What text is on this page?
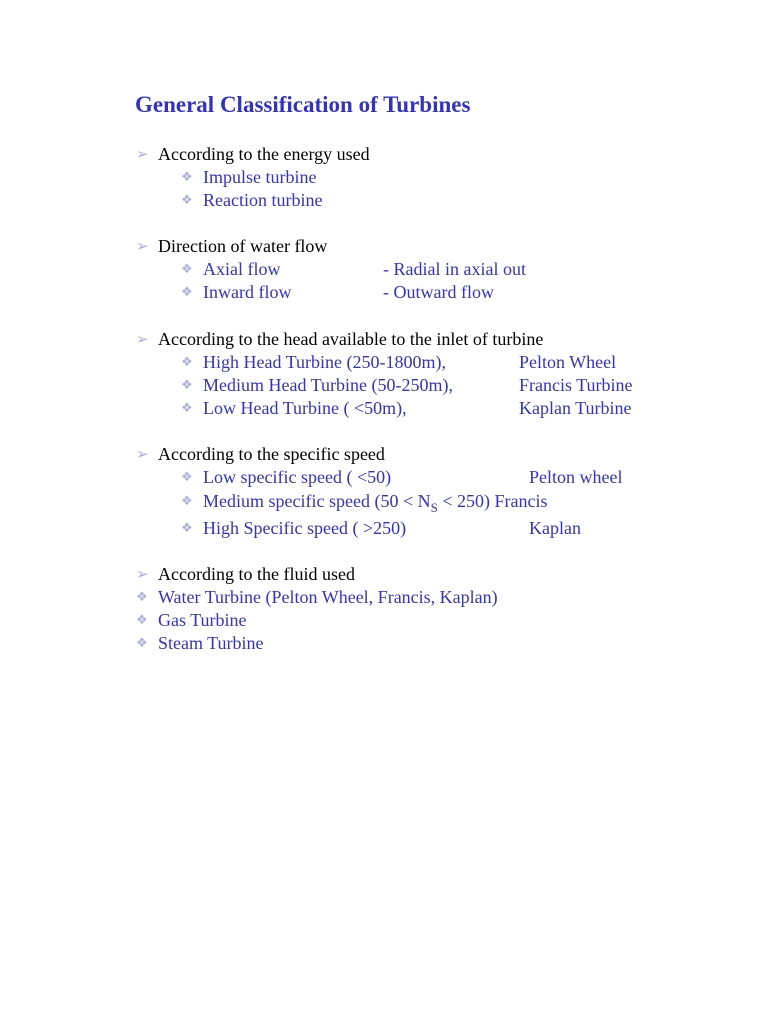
General Classification of Turbines
➢ According to the energy used
❖ Impulse turbine
❖ Reaction turbine
➢ Direction of water flow
❖ Axial flow	- Radial in axial out
❖ Inward flow	- Outward flow
➢ According to the head available to the inlet of turbine
❖ High Head Turbine (250-1800m),	Pelton Wheel
❖ Medium Head Turbine (50-250m),	Francis Turbine
❖ Low Head Turbine ( <50m),	Kaplan Turbine
➢ According to the specific speed
❖ Low specific speed ( <50)	Pelton wheel
❖ Medium specific speed $(50 < N_S < 250)$ Francis
❖ High Specific speed ( >250)	Kaplan
➢ According to the fluid used
❖ Water Turbine (Pelton Wheel, Francis, Kaplan)
❖ Gas Turbine
❖ Steam Turbine
